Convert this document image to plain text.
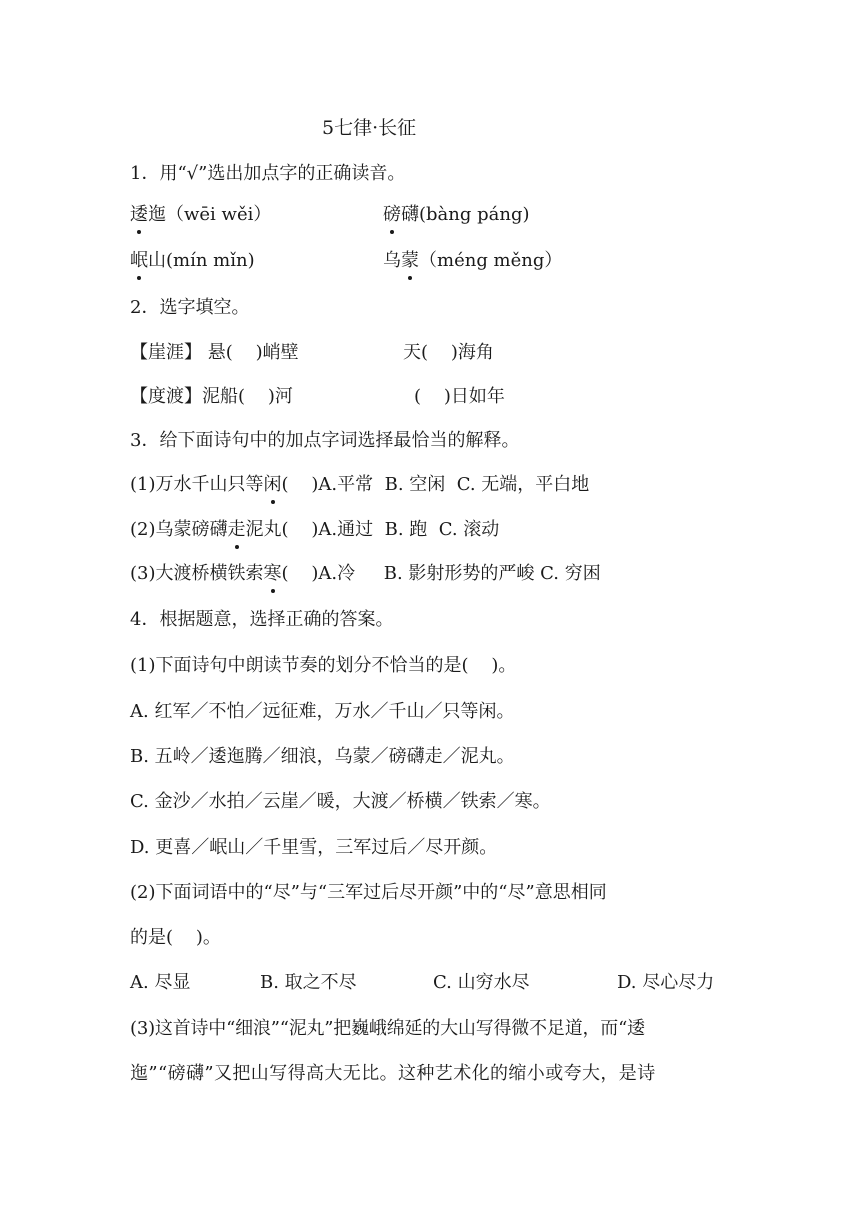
5七律·长征
1．用“√”选出加点字的正确读音。
逶迤（wēi wěi）	磅礴(bàng páng)
岷山(mín mǐn)	乌蒙（méng měng）
2．选字填空。
【崖涯】 悬(    )峭壁	天(    )海角
【度渡】泥船(    )河	(    )日如年
3．给下面诗句中的加点字词选择最恰当的解释。
(1)万水千山只等闲(    )A.平常  B. 空闲  C. 无端，平白地
(2)乌蒙磅礴走泥丸(    )A.通过  B. 跑  C. 滚动
(3)大渡桥横铁索寒(    )A.冷     B. 影射形势的严峻 C. 穷困
4．根据题意，选择正确的答案。
(1)下面诗句中朗读节奏的划分不恰当的是(    )。
A. 红军／不怕／远征难，万水／千山／只等闲。
B. 五岭／逶迤腾／细浪，乌蒙／磅礴走／泥丸。
C. 金沙／水拍／云崖／暖，大渡／桥横／铁索／寒。
D. 更喜／岷山／千里雪，三军过后／尽开颜。
(2)下面词语中的“尽”与“三军过后尽开颜”中的“尽”意思相同
的是(    )。
A. 尽显	B. 取之不尽	C. 山穷水尽	D. 尽心尽力
(3)这首诗中“细浪”“泥丸”把巍峨绵延的大山写得微不足道，而“逶
迤”“磅礴”又把山写得高大无比。这种艺术化的缩小或夸大，是诗
